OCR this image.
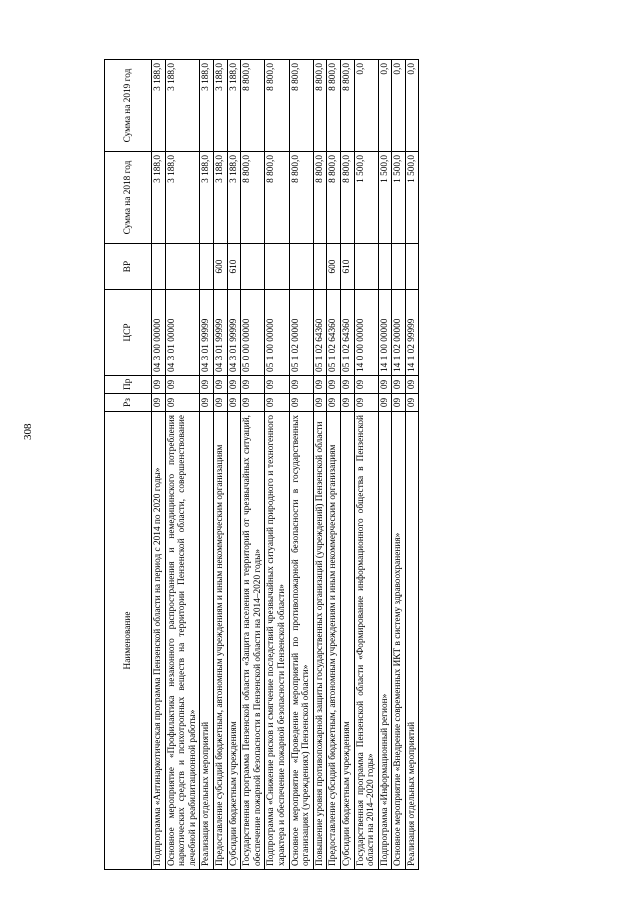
308
Наименование	Рз	Пр	ЦСР	ВР	Сумма на 2018 год	Сумма на 2019 год
Подпрограмма «Антинаркотическая программа Пензенской области на период с 2014 по 2020 годы»	09	09	04 3 00 00000		3 188,0	3 188,0
Основное мероприятие «Профилактика незаконного распространения и немедицинского потребления наркотических средств и психотропных веществ на территории Пензенской области, совершенствование лечебной и реабилитационной работы»	09	09	04 3 01 00000		3 188,0	3 188,0
Реализация отдельных мероприятий	09	09	04 3 01 99999		3 188,0	3 188,0
Предоставление субсидий бюджетным, автономным учреждениям и иным некоммерческим организациям	09	09	04 3 01 99999	600	3 188,0	3 188,0
Субсидии бюджетным учреждениям	09	09	04 3 01 99999	610	3 188,0	3 188,0
Государственная программа Пензенской области «Защита населения и территорий от чрезвычайных ситуаций, обеспечение пожарной безопасности в Пензенской области на 2014–2020 годы»	09	09	05 0 00 00000		8 800,0	8 800,0
Подпрограмма «Снижение рисков и смягчение последствий чрезвычайных ситуаций природного и техногенного характера и обеспечение пожарной безопасности Пензенской области»	09	09	05 1 00 00000		8 800,0	8 800,0
Основное мероприятие «Проведение мероприятий по противопожарной безопасности в государственных организациях (учреждениях) Пензенской области»	09	09	05 1 02 00000		8 800,0	8 800,0
Повышение уровня противопожарной защиты государственных организаций (учреждений) Пензенской области	09	09	05 1 02 64360		8 800,0	8 800,0
Предоставление субсидий бюджетным, автономным учреждениям и иным некоммерческим организациям	09	09	05 1 02 64360	600	8 800,0	8 800,0
Субсидии бюджетным учреждениям	09	09	05 1 02 64360	610	8 800,0	8 800,0
Государственная программа Пензенской области «Формирование информационного общества в Пензенской области на 2014–2020 годы»	09	09	14 0 00 00000		1 500,0	0,0
Подпрограмма «Информационный регион»	09	09	14 1 00 00000		1 500,0	0,0
Основное мероприятие «Внедрение современных ИКТ в систему здравоохранения»	09	09	14 1 02 00000		1 500,0	0,0
Реализация отдельных мероприятий	09	09	14 1 02 99999		1 500,0	0,0
